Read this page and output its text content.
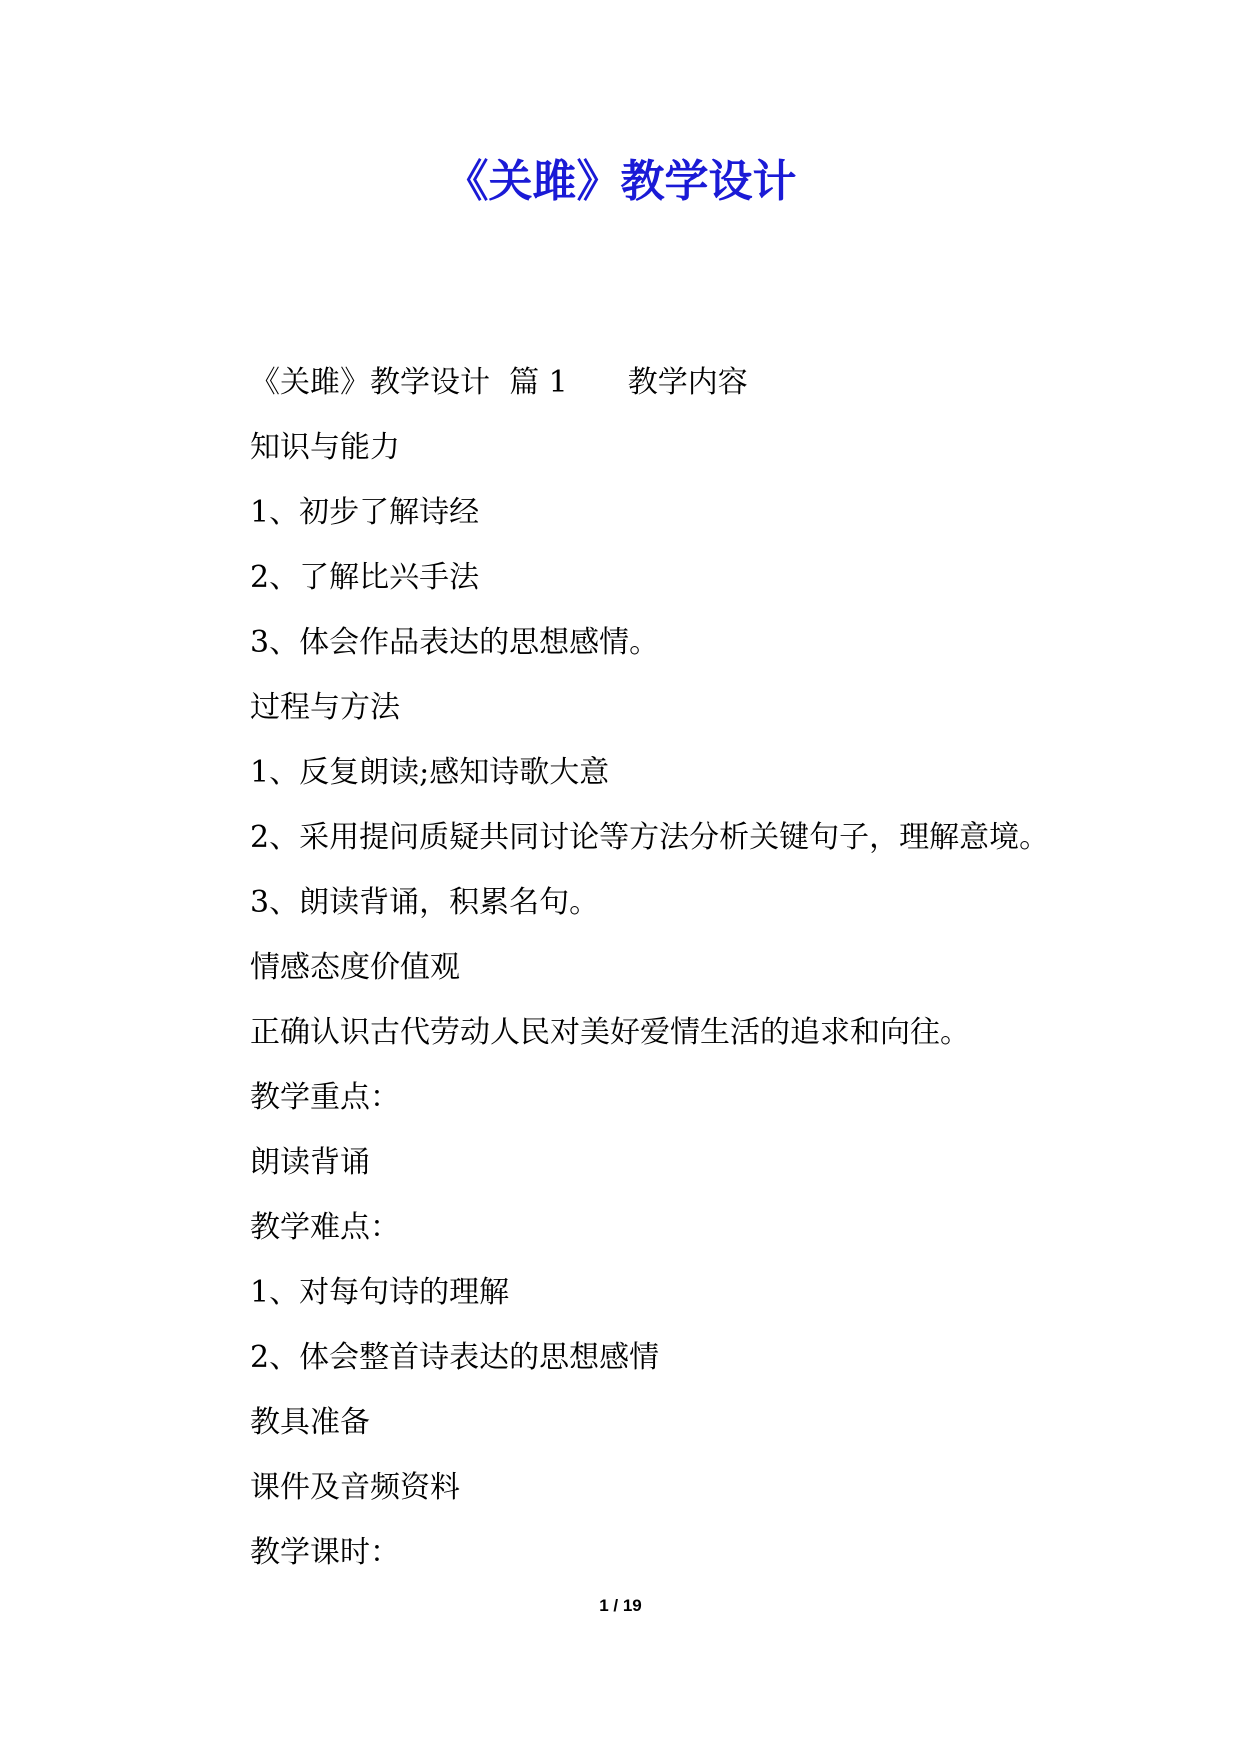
《关雎》教学设计

《关雎》教学设计  篇 1 教学内容

知识与能力

1、初步了解诗经

2、了解比兴手法

3、体会作品表达的思想感情。

过程与方法

1、反复朗读;感知诗歌大意

2、采用提问质疑共同讨论等方法分析关键句子，理解意境。

3、朗读背诵，积累名句。

情感态度价值观

正确认识古代劳动人民对美好爱情生活的追求和向往。

教学重点：

朗读背诵

教学难点：

1、对每句诗的理解

2、体会整首诗表达的思想感情

教具准备

课件及音频资料

教学课时：

1 / 19
